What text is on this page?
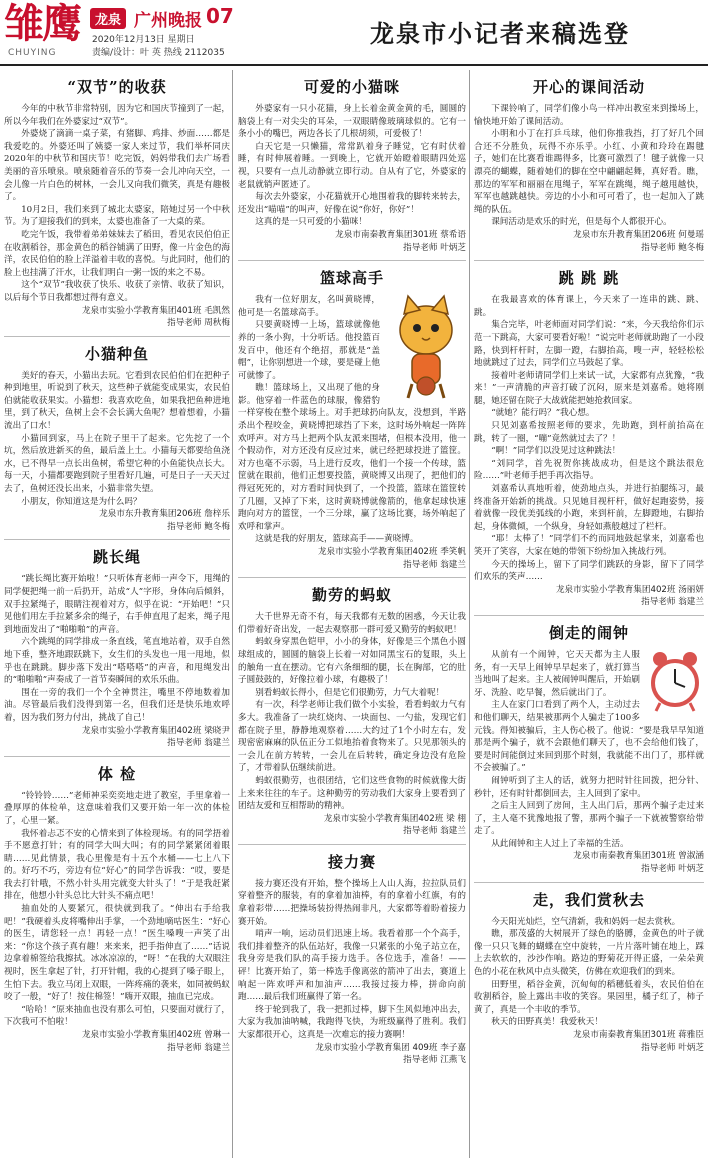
雏鹰
CHUYING
龙泉 广州晚报 07
2020年12月13日 星期日
责编/设计：叶 英 热线 2112035
龙泉市小记者来稿选登
“双节”的收获

今年的中秋节非常特别，因为它和国庆节撞到了一起，所以今年我们在外婆家过“双节”。

外婆烧了滴滴一桌子菜，有猪脚、鸡排、炒面……都是我爱吃的。外婆还叫了姨婆一家人来过节，我们举杯同庆2020年的中秋节和国庆节！吃完饭，妈妈带我们去广场看美丽的音乐喷泉。喷泉随着音乐的节奏一会儿冲向天空，一会儿像一片白色的树林，一会儿又向我们微笑，真是有趣极了。

10月2日，我们来到了城北太婆家，陪她过另一个中秋节。为了迎接我们的到来，太婆也准备了一大桌的菜。

吃完午饭，我带着弟弟妹妹去了稻田，看见农民伯伯正在收割稻谷，那金黄色的稻谷铺满了田野，像一片金色的海洋，农民伯伯的脸上洋溢着丰收的喜悦。与此同时，他们的脸上也挂满了汗水，让我们明白一粥一饭的来之不易。

这个“双节”我收获了快乐、收获了亲情、收获了知识，以后每个节日我都想过得有意义。

龙泉市实验小学教育集团401班 毛凯然

指导老师 周秋梅

小猫种鱼

美好的春天，小猫出去玩。它看到农民伯伯们在把种子种到地里，听说到了秋天，这些种子就能变成果实，农民伯伯就能收获果实。小猫想：我喜欢吃鱼，如果我把鱼种进地里，到了秋天，鱼树上会不会长满大鱼呢？想着想着，小猫流出了口水！

小猫回到家，马上在院子里干了起来。它先挖了一个坑，然后放进新买的鱼，最后盖上土。小猫每天都要给鱼浇水，已不得早一点长出鱼树，希望它种的小鱼能快点长大。每一天，小猫都要跑到院子里看好几遍，可是日子一天天过去了，鱼树还没长出来，小猫非常失望。

小朋友，你知道这是为什么吗？

龙泉市东升教育集团206班 詹梓乐

指导老师 鲍冬梅

跳长绳

“跳长绳比赛开始啦！”只听体育老师一声令下，甩绳的同学便把绳一前一后扔开，站成“人”字形，身体向后倾斜，双手拉紧绳子，眼睛注视着对方，似乎在说：“开始吧！”只见他们用左手拉紧多余的绳子，右手伸直甩了起来，绳子甩到地面发出了“啪啪啪”的声音。

六个跳绳的同学排成一条直线，笔直地站着，双手自然地下垂，整齐地跟跃跳下，女生们的头发也一甩一甩地，似乎也在跳跳。脚步落下发出“嗒嗒嗒”的声音，和甩绳发出的“啪啪啪”声奏成了一首节奏瞬间的欢乐乐曲。

围在一旁的我们一个个全神贯注，嘴里不停地数着加油。尽管最后我们没得到第一名，但我们还是快乐地欢呼着，因为我们努力付出，挑战了自己！

龙泉市实验小学教育集团402班 梁晓尹

指导老师 翁建兰

体 检

“铃铃铃……”老师神采奕奕地走进了教室，手里拿着一叠厚厚的体检单，这意味着我们又要开始一年一次的体检了，心里一紧。

我怀着忐忑不安的心情来到了体检现场。有的同学捂着手不愿意打针；有的同学大叫大叫；有的同学紧紧闭着眼睛……见此情景，我心里像是有十五个水桶——七上八下的。好巧不巧，旁边有位“好心”的同学告诉我：“哎，要是我去打针哦，不然小针头用完就变大针头了！”于是我赶紧排在，他想小针头总比大针头不痛点吧！

抽血处的人要紧冗，很快就到我了。“伸出右手给我吧！”我硬着头皮将嘴伸出手掌，一个劲地嘀咕医生：“好心的医生，请您轻一点！再轻一点！”医生嗓嗖一声笑了出来：“你这个孩子真有趣！来来来，把手指伸直了……”话说边拿着棉签给我擦拭。冰冰凉凉的，“呀！”在我的大双眼注视时，医生拿起了针，打开针帽，我的心提到了嗓子眼上，生怕下去。我立马闭上双眼，一阵疼痛的袭来，如同被蚂蚁咬了一般，“好了！按住棉签！”嗨开双眼，抽血已完成。

“哈哈！”原来抽血也没有那么可怕，只要面对就行了，下次我可不怕啦！

龙泉市实验小学教育集团402班 曾琳一

指导老师 翁建兰

可爱的小猫咪

外婆家有一只小花猫，身上长着金黄金黄的毛，圆圆的脑袋上有一对尖尖的耳朵，一双眼睛像玻璃球似的。它有一条小小的嘴巴，两边各长了几根胡须，可爱极了！

白天它是一只懒猫，常常趴着身子睡觉，它有时伏着睡，有时伸展着睡。一到晚上，它就开始瞪着眼睛四处巡视，只要有一点儿动静就立即行动。自从有了它，外婆家的老鼠就销声匿迹了。

每次去外婆家，小花猫就开心地围着我的脚转来转去，还发出“喵喵”的叫声，好像在说“你好，你好”！

这真的是一只可爱的小猫咪！

龙泉市南秦教育集团301班 蔡希语

指导老师 叶炳芝

篮球高手

我有一位好朋友，名叫黄晓博，他可是一名篮球高手。

只要黄晓博一上场，篮球就像他养的一条小狗，十分听话。他投篮百发百中，他还有个绝招，那就是“盖帽”，让你别想进一个球，要是碰上他可就惨了。

瞧！篮球场上，又出现了他的身影。他穿着一件蓝色的球服，像猎豹一样穿梭在整个球场上。对手把球扔向队友，没想到，半路杀出个程咬金，黄晓博把球挡了下来，这时场外响起一阵阵欢呼声。对方马上把两个队友派来围堵，但根本没用，他一个假动作，对方还没有反应过来，就已经把球投进了篮筐。对方也毫不示弱，马上进行反攻，他们一个接一个传球，篮筐就在眼前，他们正想要投篮，黄晓博又出现了，把他们的得冠死死的，对方看时间快到了，一个投篮，篮球在篮筐转了几圈，又掉了下来，这时黄晓博就像箭的，他拿起球快速跑向对方的篮筐，一个三分球，赢了这场比赛，场外响起了欢呼和掌声。

这就是我的好朋友，篮球高手——黄晓博。

龙泉市实验小学教育集团402班 季笑帆

指导老师 翁建兰

勤劳的蚂蚁

大千世界无奇不有，每天我都有无数的困惑，今天让我们带着好奇出发，一起去观察那一群可爱又勤劳的蚂蚁吧！

蚂蚁身穿黑色铠甲，小小的身体，好像是三个黑色小圆球组成的，圆圆的脑袋上长着一对如同黑宝石的复眼，头上的触角一直在摆动。它有六条细细的腿，长在胸部，它的肚子圆鼓鼓的，好像拉着小球，有趣极了！

别看蚂蚁长得小，但是它们很勤劳，力气大着呢！

有一次，科学老师让我们做个小实验，看看蚂蚁力气有多大。我准备了一块红烧肉、一块面包、一勺盐，发现它们都在院子里，静静地观察着……大约过了1个小时左右，发现密密麻麻的队伍正分工似地抬着食物来了。只见那领头的一会儿在前方转转，一会儿在后转转，确定身边没有危险了，才带着队伍继续前进。

蚂蚁很勤劳，也很团结，它们这些食物的时候就像大街上来来往往的车子。这种勤劳的劳动我们大家身上要看到了团结友爱和互相帮助的精神。

龙泉市实验小学教育集团402班 梁 栩

指导老师 翁建兰

接力赛

接力赛还没有开始，整个操场上人山人海，拉拉队员们穿着整齐的服装，有的拿着加油棒，有的拿着小红旗，有的拿着彩带……把操场装扮得热闹非凡，大家都等着盼着接力赛开始。

哨声一响，运动员们迅速上场。我看着那一个个高手，我们排着整齐的队伍站好，我像一只紧张的小兔子站立在，我身旁是我们队的高手接力选手。各位选手，准备！——砰！比赛开始了，第一棒选手像离弦的箭冲了出去，赛道上响起一阵欢呼声和加油声……我接过接力棒，拼命向前跑……最后我们班赢得了第一名。

终于轮到我了，我一把抓过棒，脚下生风似地冲出去，大家为我加油呐喊，我跑得飞快，为班级赢得了胜利。我们大家都很开心，这真是一次难忘的接力赛啊！

龙泉市实验小学教育集团 409班 李子嘉

指导老师 江燕飞

开心的课间活动

下课铃响了，同学们像小鸟一样冲出教室来到操场上，愉快地开始了课间活动。

小明和小丁在打乒乓球，他们你推我挡，打了好几个回合还不分胜负，玩得不亦乐乎。小红、小黄和玲玲在踢毽子，她们在比赛看谁踢得多，比赛可激烈了！毽子就像一只漂亮的蝴蝶，随着她们的脚在空中翩翩起舞，真好看。瞧，那边的军军和丽丽在甩绳子，军军在跳绳，绳子越甩越快，军军也越跳越快。旁边的小小和可可看了，也一起加入了跳绳的队伍。

课间活动是欢乐的时光，但是每个人都很开心。

龙泉市东升教育集团206班 何曼瑶

指导老师 鲍冬梅

跳 跳 跳

在我最喜欢的体育课上，今天来了一连串的跳、跳、跳。

集合完毕，叶老师面对同学们说：“来，今天我给你们示范一下跳高，大家可要看好啦！”说完叶老师就助跑了一小段路，快到杆杆时，左脚一蹬，右脚抬高，嗖一声，轻轻松松地就跳过了过去，同学们立马鼓起了掌。

接着叶老师请同学们上来试一试，大家都有点犹豫，“我来！”一声清脆的声音打破了沉闷，原来是刘嘉希。她将刚腿，她还留在院子大战就能把她抢救回家。

“就她？能行吗？”我心想。

只见刘嘉希按照老师的要求，先助跑，到杆前抬高在跳，转了一圈，“嘣”竟然就过去了？！

“啊！”同学们以没见过这种跳法！

“刘同学，首先祝贺你挑战成功，但是这个跳法很危险……”叶老师手把手再次指导。

刘嘉希认真地听着，使劲地点头，并进行拍腿练习，最终准备开始新的挑战。只见她目视杆杆，做好起跑姿势，接着就像一段优美弧线的小跑，来到杆前，左脚蹬地，右脚抬起，身体微倾，一个纵身，身轻如燕般越过了栏杆。

“耶！太棒了！”同学们不约而同地鼓起掌来，刘嘉希也笑开了笑容，大家在她的带领下纷纷加入挑战行列。

今天的操场上，留下了同学们跳跃的身影，留下了同学们欢乐的笑声……

龙泉市实验小学教育集团402班 汤丽妍

指导老师 翁建兰

倒走的闹钟

从前有一个闹钟，它天天都为主人服务，有一天早上闹钟早早起来了，就打算当当地叫了起来。主人被闹钟叫醒后，开始刷牙、洗脸、吃早餐，然后就出门了。

主人在家门口看到了两个人，主动过去和他们聊天，结果被那两个人骗走了100多元钱。得知被骗后，主人伤心极了。他说：“要是我早早知道那是两个骗子，就不会跟他们聊天了，也不会给他们钱了，要是时间能倒过来回到那个时刻，我就能不出门了，那样就不会被骗了。”

闹钟听到了主人的话，就努力把时针往回拨，把分针、秒针，还有时针都倒回去，主人回到了家中。

之后主人回到了房间，主人出门后，那两个骗子走过来了，主人毫不犹豫地报了警，那两个骗子一下就被警察给带走了。

从此闹钟和主人过上了幸福的生活。

龙泉市南秦教育集团301班 曾淑涵

指导老师 叶炳芝

走，我们赏秋去

今天阳光灿烂，空气清新，我和妈妈一起去赏秋。

瞧，那茂盛的大树展开了绿色的胳膊，金黄色的叶子就像一只只飞舞的蝴蝶在空中旋转，一片片落叶铺在地上，踩上去软软的，沙沙作响。路边的野菊花开得正盛，一朵朵黄色的小花在秋风中点头微笑，仿佛在欢迎我们的到来。

田野里，稻谷金黄，沉甸甸的稻穗低着头，农民伯伯在收割稻谷，脸上露出丰收的笑容。果园里，橘子红了，柿子黄了，真是一个丰收的季节。

秋天的田野真美！我爱秋天！

龙泉市南秦教育集团301班 蒋雅臣

指导老师 叶炳芝
